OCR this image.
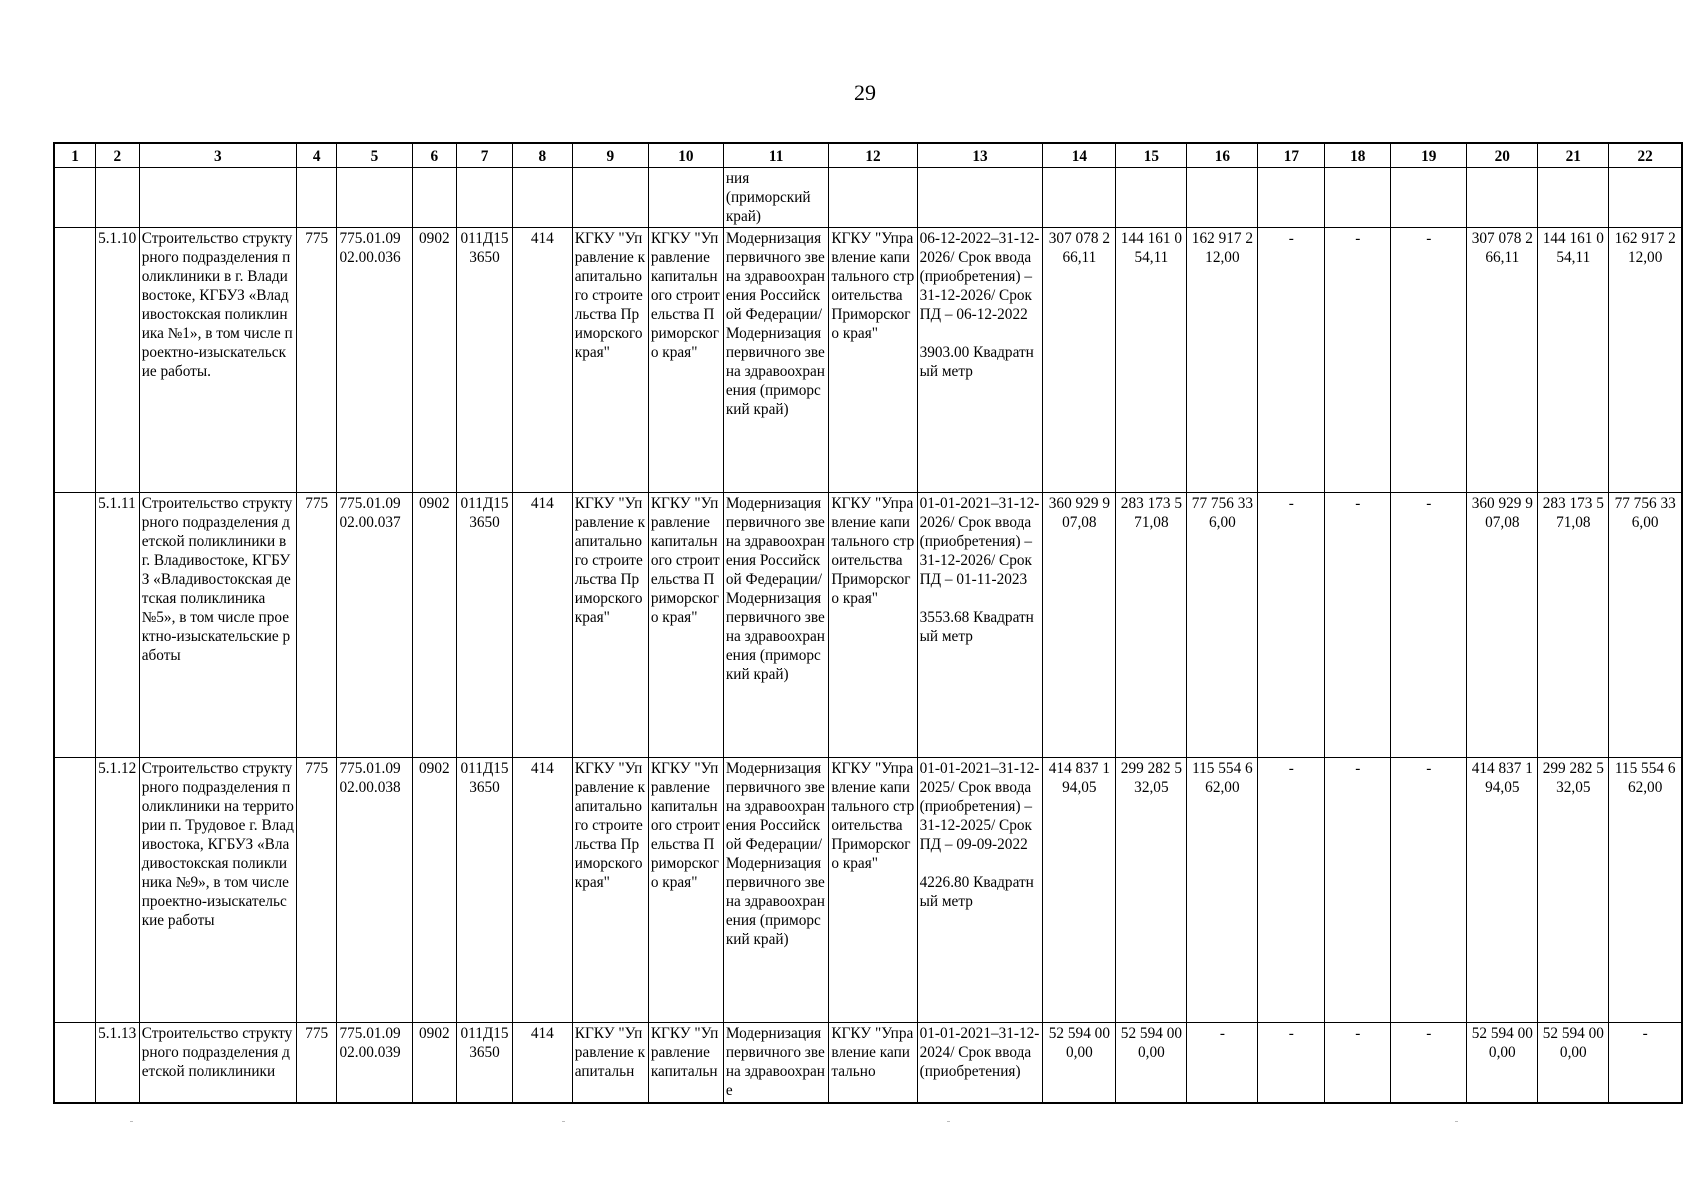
29
1	2	3	4	5	6	7	8	9	10	11	12	13	14	15	16	17	18	19	20	21	22
										ния
(приморский
край)											
	5.1.10	Строительство структурного подразделения поликлиники в г. Владивостоке, КГБУЗ «Владивостокская поликлиника №1», в том числе проектно-изыскательские работы.	775	775.01.09 02.00.036	0902	011Д15 3650	414	КГКУ "Управление капитального строительства Приморского края"	КГКУ "Управление капитального строительства Приморского края"	Модернизация первичного звена здравоохранения Российской Федерации/Модернизация первичного звена здравоохранения (приморский край)	КГКУ "Управление капитального строительства Приморского края"	06-12-2022–31-12-2026/ Срок ввода (приобретения) – 31-12-2026/ Срок ПД – 06-12-2022

3903.00 Квадратный метр	307 078 266,11	144 161 054,11	162 917 212,00	-	-	-	307 078 266,11	144 161 054,11	162 917 212,00
	5.1.11	Строительство структурного подразделения детской поликлиники в г. Владивостоке, КГБУЗ «Владивостокская детская поликлиника №5», в том числе проектно-изыскательские работы	775	775.01.09 02.00.037	0902	011Д15 3650	414	КГКУ "Управление капитального строительства Приморского края"	КГКУ "Управление капитального строительства Приморского края"	Модернизация первичного звена здравоохранения Российской Федерации/Модернизация первичного звена здравоохранения (приморский край)	КГКУ "Управление капитального строительства Приморского края"	01-01-2021–31-12-2026/ Срок ввода (приобретения) – 31-12-2026/ Срок ПД – 01-11-2023

3553.68 Квадратный метр	360 929 907,08	283 173 571,08	77 756 336,00	-	-	-	360 929 907,08	283 173 571,08	77 756 336,00
	5.1.12	Строительство структурного подразделения поликлиники на территории п. Трудовое г. Владивостока, КГБУЗ «Владивостокская поликлиника №9», в том числе проектно-изыскательские работы	775	775.01.09 02.00.038	0902	011Д15 3650	414	КГКУ "Управление капитального строительства Приморского края"	КГКУ "Управление капитального строительства Приморского края"	Модернизация первичного звена здравоохранения Российской Федерации/Модернизация первичного звена здравоохранения (приморский край)	КГКУ "Управление капитального строительства Приморского края"	01-01-2021–31-12-2025/ Срок ввода (приобретения) – 31-12-2025/ Срок ПД – 09-09-2022

4226.80 Квадратный метр	414 837 194,05	299 282 532,05	115 554 662,00	-	-	-	414 837 194,05	299 282 532,05	115 554 662,00
	5.1.13	Строительство структурного подразделения детской поликлиники	775	775.01.09 02.00.039	0902	011Д15 3650	414	КГКУ "Управление капитальн	КГКУ "Управление капитальн	Модернизация первичного звена здравоохране	КГКУ "Управление капитально	01-01-2021–31-12-2024/ Срок ввода (приобретения)	52 594 000,00	52 594 000,00	-	-	-	-	52 594 000,00	52 594 000,00	-
